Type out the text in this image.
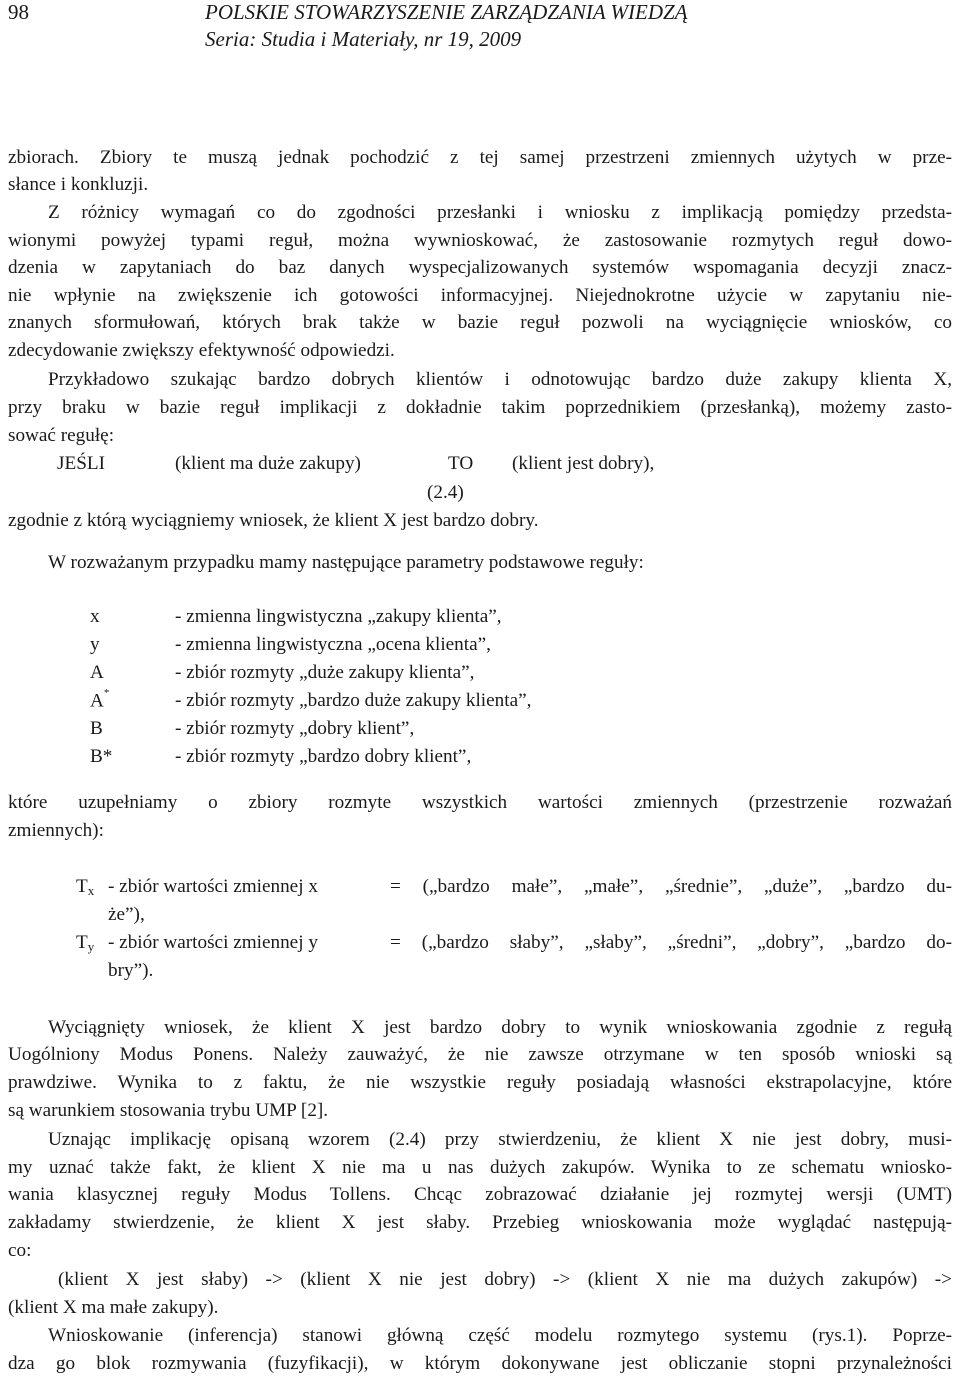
98	POLSKIE STOWARZYSZENIE ZARZĄDZANIA WIEDZĄ
Seria: Studia i Materiały, nr 19, 2009
zbiorach. Zbiory te muszą jednak pochodzić z tej samej przestrzeni zmiennych użytych w prze-
słance i konkluzji.
Z różnicy wymagań co do zgodności przesłanki i wniosku z implikacją pomiędzy przedsta-
wionymi powyżej typami reguł, można wywnioskować, że zastosowanie rozmytych reguł dowo-
dzenia w zapytaniach do baz danych wyspecjalizowanych systemów wspomagania decyzji znacz-
nie wpłynie na zwiększenie ich gotowości informacyjnej. Niejednokrotne użycie w zapytaniu nie-
znanych sformułowań, których brak także w bazie reguł pozwoli na wyciągnięcie wniosków, co
zdecydowanie zwiększy efektywność odpowiedzi.
Przykładowo szukając bardzo dobrych klientów i odnotowując bardzo duże zakupy klienta X,
przy braku w bazie reguł implikacji z dokładnie takim poprzednikiem (przesłanką), możemy zasto-
sować regułę:
JEŚLI	(klient ma duże zakupy)	TO (klient jest dobry),
(2.4)
zgodnie z którą wyciągniemy wniosek, że klient X jest bardzo dobry.
W rozważanym przypadku mamy następujące parametry podstawowe reguły:
x	- zmienna lingwistyczna „zakupy klienta”,
y	- zmienna lingwistyczna „ocena klienta”,
A	- zbiór rozmyty „duże zakupy klienta”,
A*	- zbiór rozmyty „bardzo duże zakupy klienta”,
B	- zbiór rozmyty „dobry klient”,
B*	- zbiór rozmyty „bardzo dobry klient”,
które uzupełniamy o zbiory rozmyte wszystkich wartości zmiennych (przestrzenie rozważań
zmiennych):
Tx - zbiór wartości zmiennej x	= („bardzo małe”, „małe”, „średnie”, „duże”, „bardzo du-
że”),
Ty - zbiór wartości zmiennej y	= („bardzo słaby”, „słaby”, „średni”, „dobry”, „bardzo do-
bry”).
Wyciągnięty wniosek, że klient X jest bardzo dobry to wynik wnioskowania zgodnie z regułą
Uogólniony Modus Ponens. Należy zauważyć, że nie zawsze otrzymane w ten sposób wnioski są
prawdziwe. Wynika to z faktu, że nie wszystkie reguły posiadają własności ekstrapolacyjne, które
są warunkiem stosowania trybu UMP [2].
Uznając implikację opisaną wzorem (2.4) przy stwierdzeniu, że klient X nie jest dobry, musi-
my uznać także fakt, że klient X nie ma u nas dużych zakupów. Wynika to ze schematu wniosko-
wania klasycznej reguły Modus Tollens. Chcąc zobrazować działanie jej rozmytej wersji (UMT)
zakładamy stwierdzenie, że klient X jest słaby. Przebieg wnioskowania może wyglądać następują-
co:
(klient X jest słaby) -> (klient X nie jest dobry) -> (klient X nie ma dużych zakupów) ->
(klient X ma małe zakupy).
Wnioskowanie (inferencja) stanowi główną część modelu rozmytego systemu (rys.1). Poprze-
dza go blok rozmywania (fuzyfikacji), w którym dokonywane jest obliczanie stopni przynależności
